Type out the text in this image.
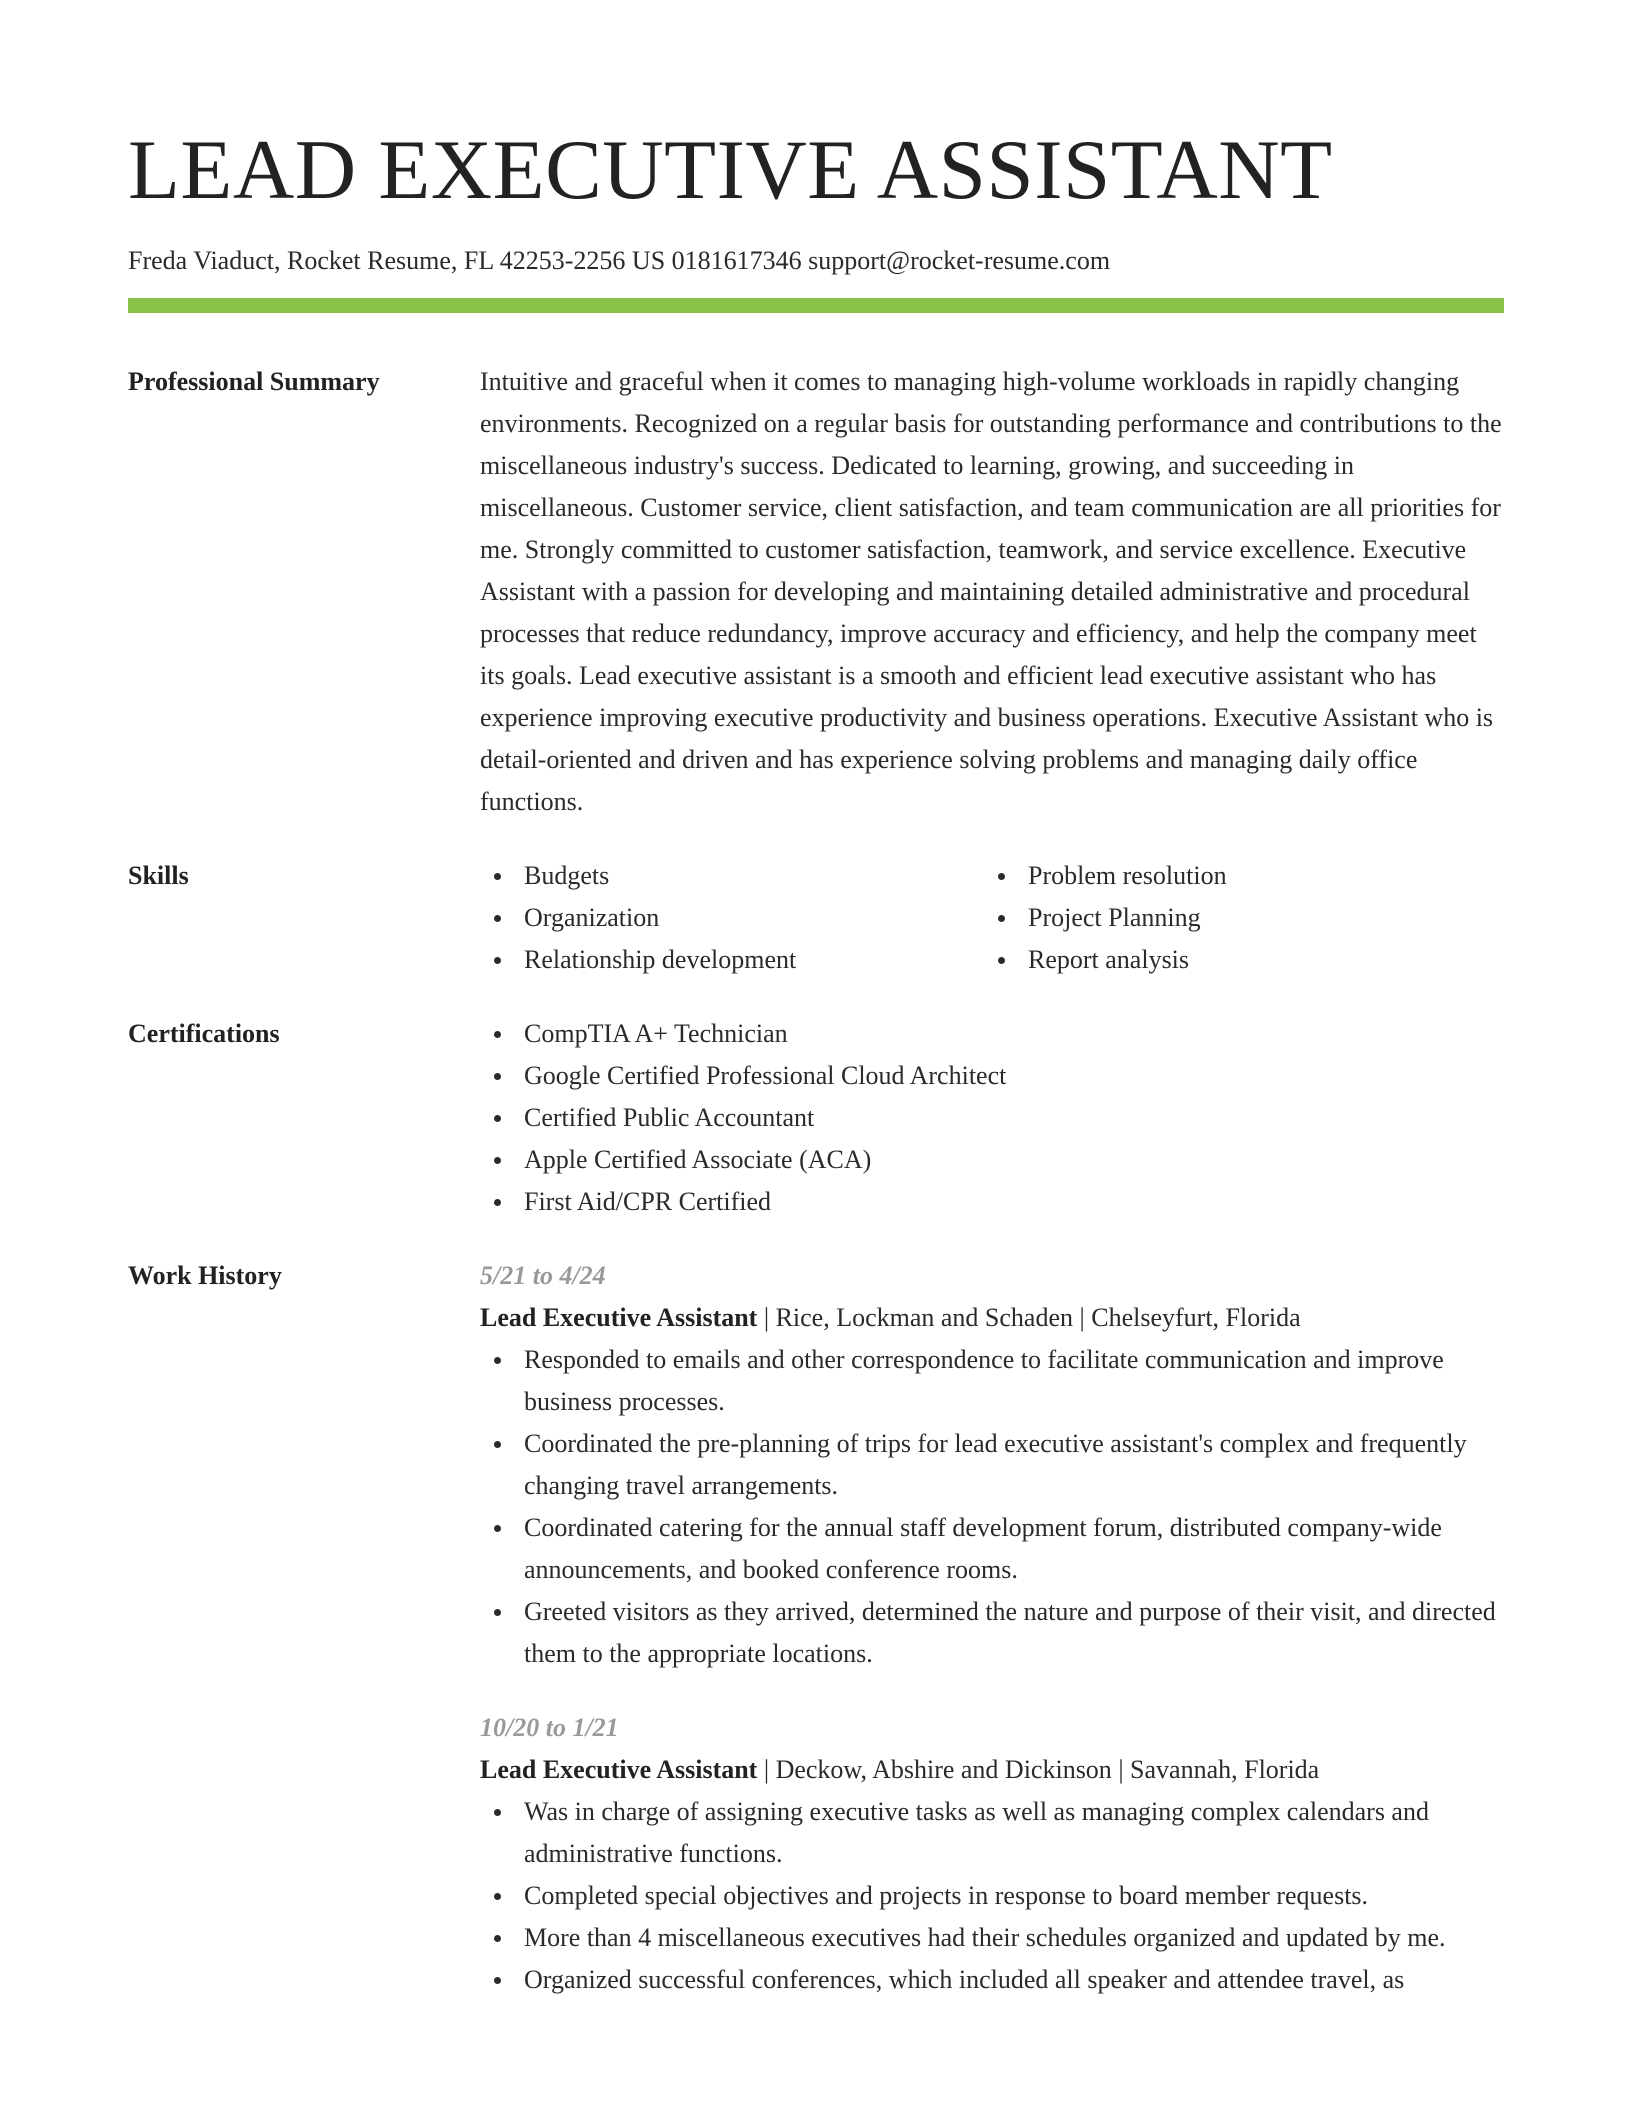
LEAD EXECUTIVE ASSISTANT
Freda Viaduct, Rocket Resume, FL 42253-2256 US 0181617346 support@rocket-resume.com
Professional Summary	Intuitive and graceful when it comes to managing high-volume workloads in rapidly changing environments. Recognized on a regular basis for outstanding performance and contributions to the miscellaneous industry's success. Dedicated to learning, growing, and succeeding in miscellaneous. Customer service, client satisfaction, and team communication are all priorities for me. Strongly committed to customer satisfaction, teamwork, and service excellence. Executive Assistant with a passion for developing and maintaining detailed administrative and procedural processes that reduce redundancy, improve accuracy and efficiency, and help the company meet its goals. Lead executive assistant is a smooth and efficient lead executive assistant who has experience improving executive productivity and business operations. Executive Assistant who is detail-oriented and driven and has experience solving problems and managing daily office functions.

Skills	Budgets	Problem resolution
Organization	Project Planning
Relationship development	Report analysis
Certifications	CompTIA A+ Technician
Google Certified Professional Cloud Architect
Certified Public Accountant
Apple Certified Associate (ACA)
First Aid/CPR Certified
Work History	5/21 to 4/24
Lead Executive Assistant | Rice, Lockman and Schaden | Chelseyfurt, Florida
Responded to emails and other correspondence to facilitate communication and improve business processes.
Coordinated the pre-planning of trips for lead executive assistant's complex and frequently changing travel arrangements.
Coordinated catering for the annual staff development forum, distributed company-wide announcements, and booked conference rooms.
Greeted visitors as they arrived, determined the nature and purpose of their visit, and directed them to the appropriate locations.
10/20 to 1/21
Lead Executive Assistant | Deckow, Abshire and Dickinson | Savannah, Florida
Was in charge of assigning executive tasks as well as managing complex calendars and administrative functions.
Completed special objectives and projects in response to board member requests.
More than 4 miscellaneous executives had their schedules organized and updated by me.
Organized successful conferences, which included all speaker and attendee travel, as
